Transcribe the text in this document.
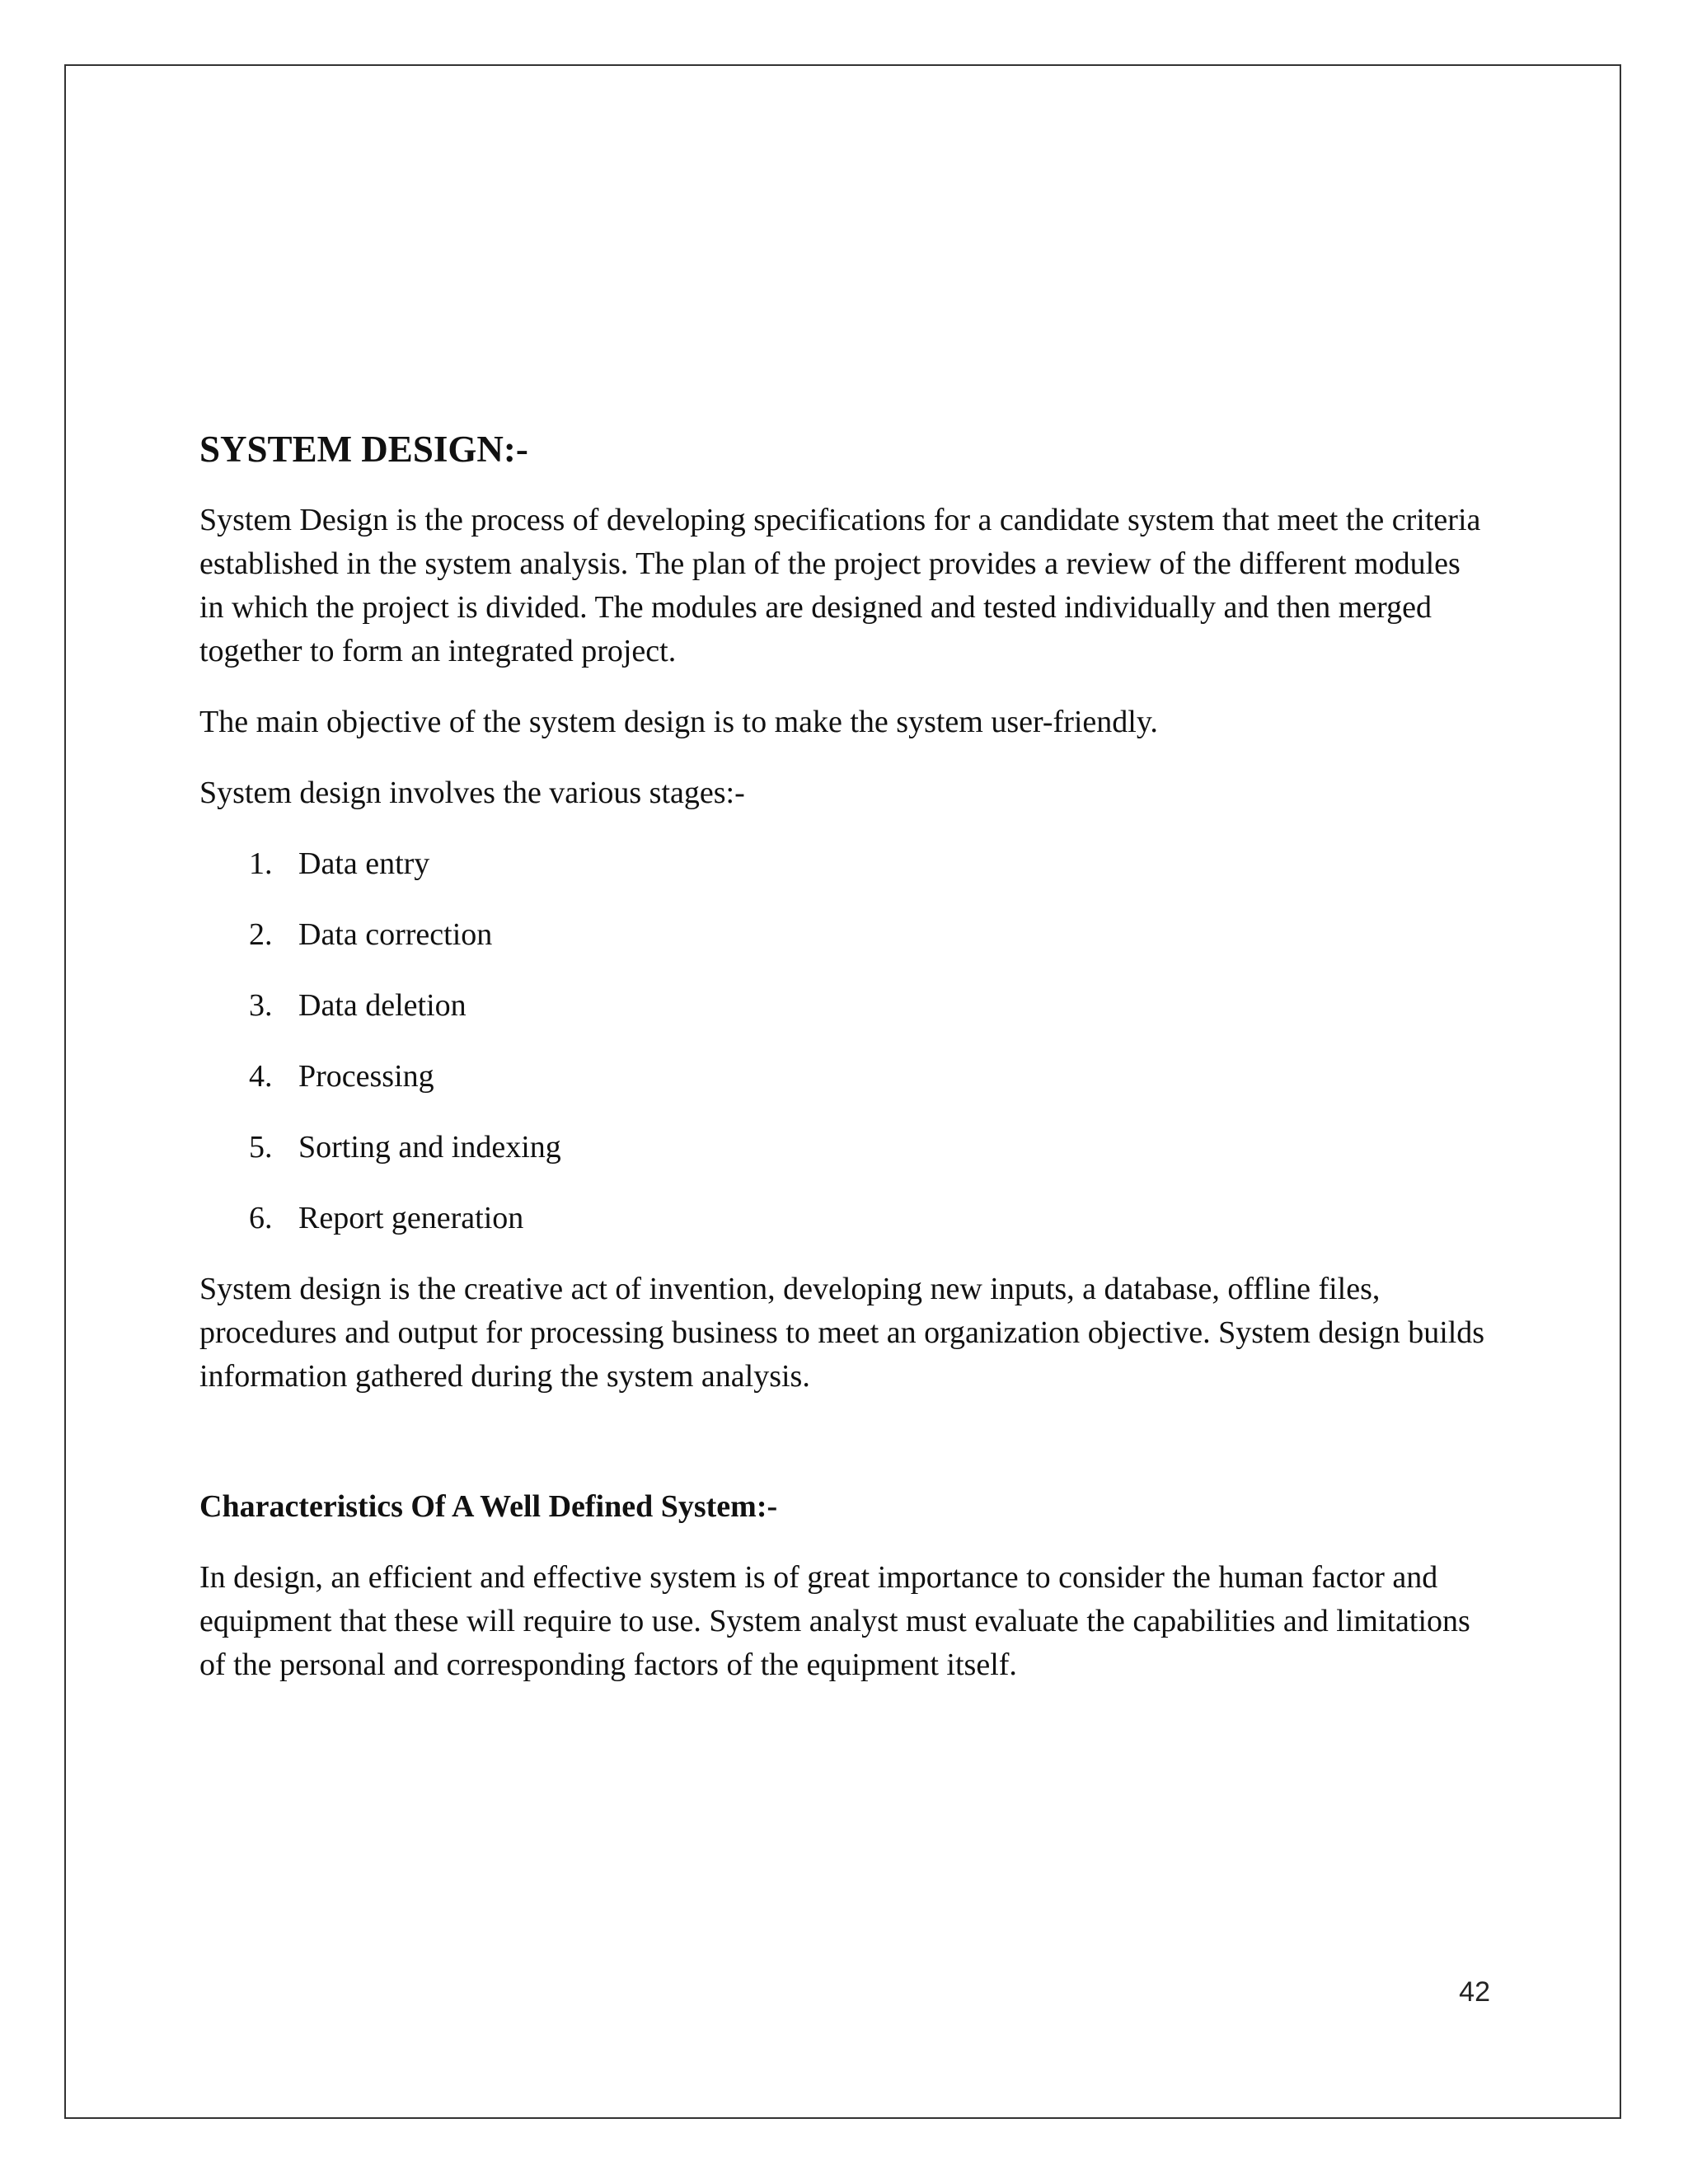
SYSTEM DESIGN:-

System Design is the process of developing specifications for a candidate system that meet the criteria established in the system analysis. The plan of the project provides a review of the different modules in which the project is divided. The modules are designed and tested individually and then merged together to form an integrated project.

The main objective of the system design is to make the system user-friendly.

System design involves the various stages:-

1. Data entry
2. Data correction
3. Data deletion
4. Processing
5. Sorting and indexing
6. Report generation

System design is the creative act of invention, developing new inputs, a database, offline files, procedures and output for processing business to meet an organization objective. System design builds information gathered during the system analysis.

Characteristics Of A Well Defined System:-

In design, an efficient and effective system is of great importance to consider the human factor and equipment that these will require to use. System analyst must evaluate the capabilities and limitations of the personal and corresponding factors of the equipment itself.

42
